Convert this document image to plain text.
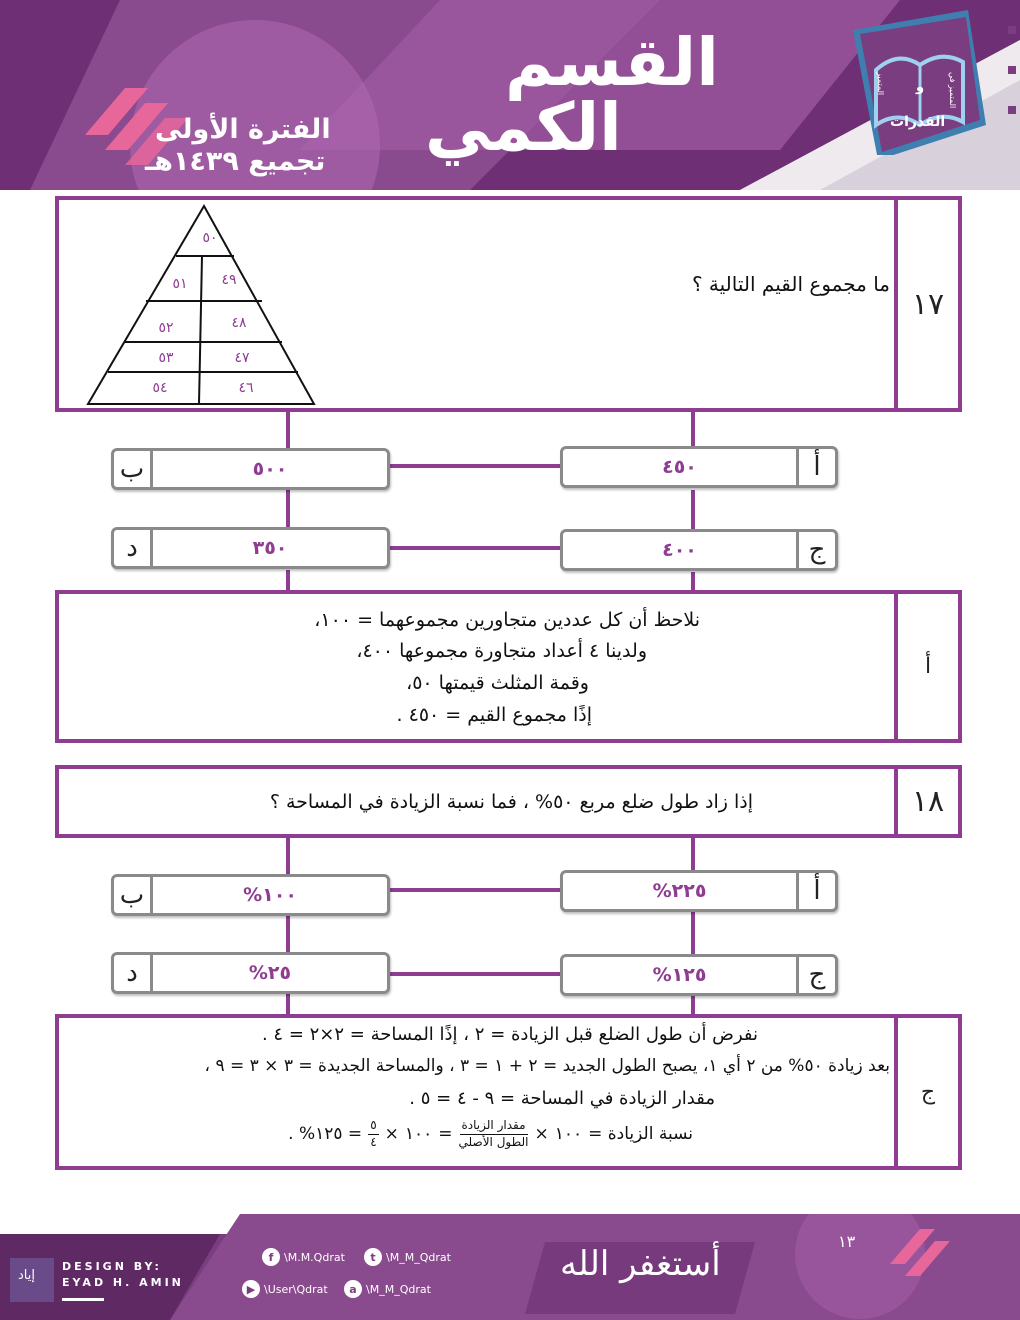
القسم
الكمي
الفترة الأولى
تجميع ١٤٣٩هـ
القدرات
و	المتميز في
المتميز
١٧
ما مجموع القيم التالية ؟
٥٠
٤٩
٤٨
٤٧
٤٦
٥١
٥٢
٥٣
٥٤
أ
٤٥٠
ب	٥٠٠
ج
٤٠٠
د	٣٥٠
أ
نلاحظ أن كل عددين متجاورين مجموعهما = ١٠٠،
ولدينا ٤ أعداد متجاورة مجموعها ٤٠٠،
وقمة المثلث قيمتها ٥٠،
إذًا مجموع القيم = ٤٥٠ .
١٨
إذا زاد طول ضلع مربع ٥٠% ، فما نسبة الزيادة في المساحة ؟
أ
٢٢٥%
ب	١٠٠%
ج
١٢٥%
د	٢٥%
ج
نفرض أن طول الضلع قبل الزيادة = ٢ ، إذًا المساحة = ٢×٢ = ٤ .
بعد زيادة ٥٠% من ٢ أي ١، يصبح الطول الجديد = ٢ + ١ = ٣ ، والمساحة الجديدة = ٣ × ٣ = ٩ ،
مقدار الزيادة في المساحة = ٩ - ٤ = ٥ .
نسبة الزيادة =
١٠٠
×
مقدار الزيادة
الطول الأصلي
=
١٠٠
×
٥
٤
= ١٢٥% .
١٣
إياد
DESIGN BY:
EYAD H. AMIN
f \M.M.Qdrat	t \M_M_Qdrat
▶ \User\Qdrat	a \M_M_Qdrat
أستغفر الله
